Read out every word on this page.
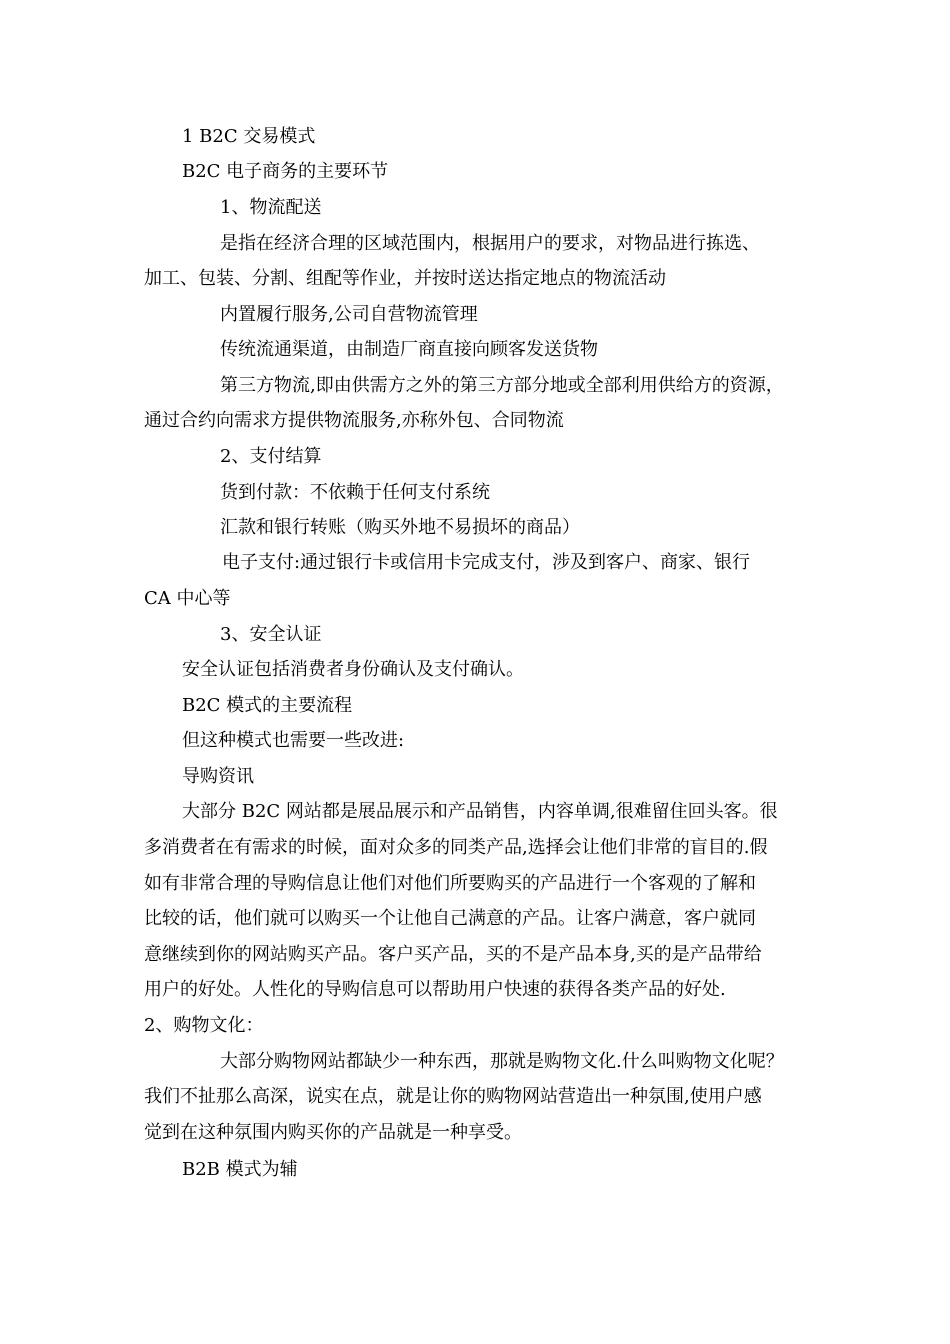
1 B2C 交易模式
B2C 电子商务的主要环节
1、物流配送
是指在经济合理的区域范围内，根据用户的要求，对物品进行拣选、
加工、包装、分割、组配等作业，并按时送达指定地点的物流活动
内置履行服务,公司自营物流管理
传统流通渠道，由制造厂商直接向顾客发送货物
第三方物流,即由供需方之外的第三方部分地或全部利用供给方的资源，
通过合约向需求方提供物流服务,亦称外包、合同物流
2、支付结算
货到付款：不依赖于任何支付系统
汇款和银行转账（购买外地不易损坏的商品）
电子支付:通过银行卡或信用卡完成支付，涉及到客户、商家、银行
CA 中心等
3、安全认证
安全认证包括消费者身份确认及支付确认。
B2C 模式的主要流程
但这种模式也需要一些改进:
导购资讯
大部分 B2C 网站都是展品展示和产品销售，内容单调,很难留住回头客。很
多消费者在有需求的时候，面对众多的同类产品,选择会让他们非常的盲目的.假
如有非常合理的导购信息让他们对他们所要购买的产品进行一个客观的了解和
比较的话，他们就可以购买一个让他自己满意的产品。让客户满意，客户就同
意继续到你的网站购买产品。客户买产品，买的不是产品本身,买的是产品带给
用户的好处。人性化的导购信息可以帮助用户快速的获得各类产品的好处.
2、购物文化：
大部分购物网站都缺少一种东西，那就是购物文化.什么叫购物文化呢？
我们不扯那么高深，说实在点，就是让你的购物网站营造出一种氛围,使用户感
觉到在这种氛围内购买你的产品就是一种享受。
B2B 模式为辅
